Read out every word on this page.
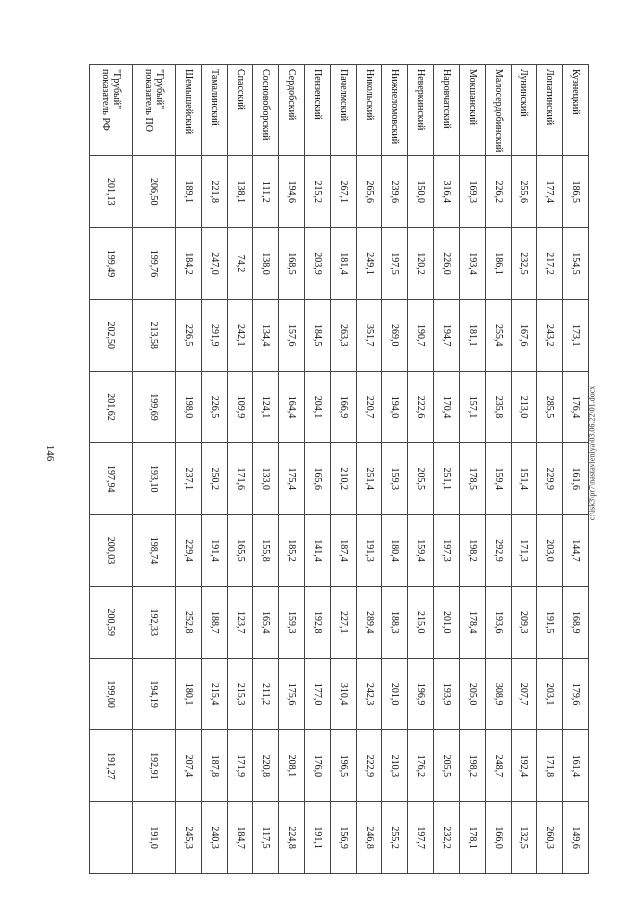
146
Кузнецкий	186,5	154,5	173,1	176,4	161,6	144,7	168,9	179,6	161,4	149,6
Лопатинский	177,4	217,2	243,2	285,5	229,9	203,0	191,5	203,1	171,8	260,3
Лунинский	255,6	232,5	167,6	213,0	151,4	171,3	209,3	207,7	192,4	132,5
Малосердобинский	226,2	186,1	255,4	235,8	159,4	292,9	193,6	308,9	248,7	166,0
Мокшанский	169,3	193,4	181,1	157,1	178,5	198,2	178,4	205,0	198,2	178,1
Наровчатский	316,4	226,0	194,7	170,4	251,1	197,3	201,0	193,9	205,5	232,2
Неверкинский	150,0	120,2	190,7	222,6	205,5	159,4	215,0	196,9	176,2	197,7
Нижнеломовский	239,6	197,5	269,0	194,0	159,3	180,4	188,3	201,0	210,3	255,2
Никольский	265,6	249,1	351,7	220,7	251,4	191,3	289,4	242,3	222,9	246,8
Пачелмский	267,1	181,4	263,3	166,9	210,2	187,4	227,1	310,4	196,5	156,9
Пензенский	215,2	203,9	184,5	204,1	165,6	141,4	192,8	177,0	176,0	191,1
Сердобский	194,6	168,5	157,6	164,4	175,4	185,2	159,3	175,6	208,1	224,8
Сосновоборский	111,2	138,0	134,4	124,1	133,0	155,8	165,4	211,2	220,8	117,5
Спасский	138,1	74,2	242,1	109,9	171,6	165,5	123,7	215,3	171,9	184,7
Тамалинский	221,8	247,0	291,9	226,5	250,2	191,4	188,7	215,4	187,8	240,3
Шемышейский	189,1	184,2	226,5	198,0	237,1	229,4	252,8	180,1	207,4	245,3
"Грубый" показатель ПО	206,50	199,76	213,58	199,69	193,10	198,74	192,33	194,19	192,91	191,0
"Грубый" показатель РФ	201,13	199,49	202,50	201,62	197,94	200,03	200,59	199,00	191,27	
c:\isk3\pr7\nastavleniya\03.06.22\01.docx
